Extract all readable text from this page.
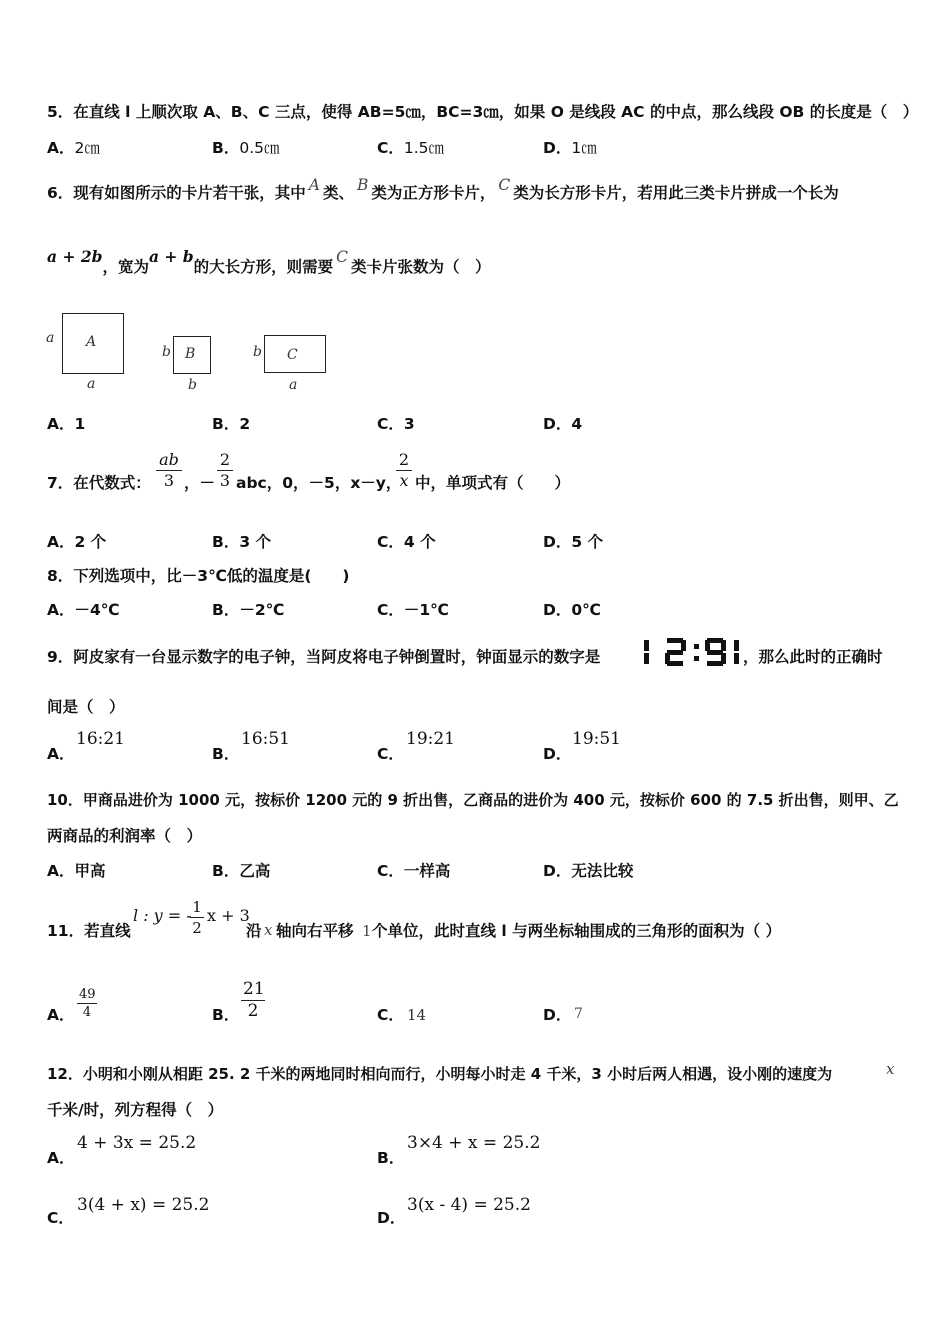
5．在直线 l 上顺次取 A、B、C 三点，使得 AB=5㎝，BC=3㎝，如果 O 是线段 AC 的中点，那么线段 OB 的长度是（　）
A．2㎝	B．0.5㎝	C．1.5㎝	D．1㎝
6．现有如图所示的卡片若干张，其中 A 类、 B 类为正方形卡片， C 类为长方形卡片，若用此三类卡片拼成一个长为
a + 2b，宽为a + b的大长方形，则需要C类卡片张数为（　）
A
a
a
B
b
b
C
b
a
A．1	B．2	C．3	D．4
7．在代数式： $\frac{ab}{3}$ ，－ $\frac{2}{3}$ abc，0，－5，x－y，
$\frac{2}{x}$ 中，单项式有（　　）
A．2 个	B．3 个	C．4 个	D．5 个
8．下列选项中，比－3℃低的温度是(　　)
A．－4℃	B．－2℃	C．－1℃	D．0℃
9．阿皮家有一台显示数字的电子钟，当阿皮将电子钟倒置时，钟面显示的数字是	，那么此时的正确时
间是（　）
A．
16:21
B．
16:51
C．
19:21
D．
19:51
10．甲商品进价为 1000 元，按标价 1200 元的 9 折出售，乙商品的进价为 400 元，按标价 600 的 7.5 折出售，则甲、乙
两商品的利润率（　）
A．甲高	B．乙高	C．一样高	D．无法比较
11．若直线
l : y = -
$\frac{1}{2}$ x + 3
沿 x 轴向右平移 1 个单位，此时直线 l 与两坐标轴围成的三角形的面积为（ ）
A． $\frac{49}{4}$	B． $\frac{21}{2}$	C． 14	D． 7
12．小明和小刚从相距 25. 2 千米的两地同时相向而行，小明每小时走 4 千米，3 小时后两人相遇，设小刚的速度为	x
千米/时，列方程得（　）
A．
4 + 3x = 25.2
B．
3×4 + x = 25.2
C．
3(4 + x) = 25.2
D．
3(x - 4) = 25.2
